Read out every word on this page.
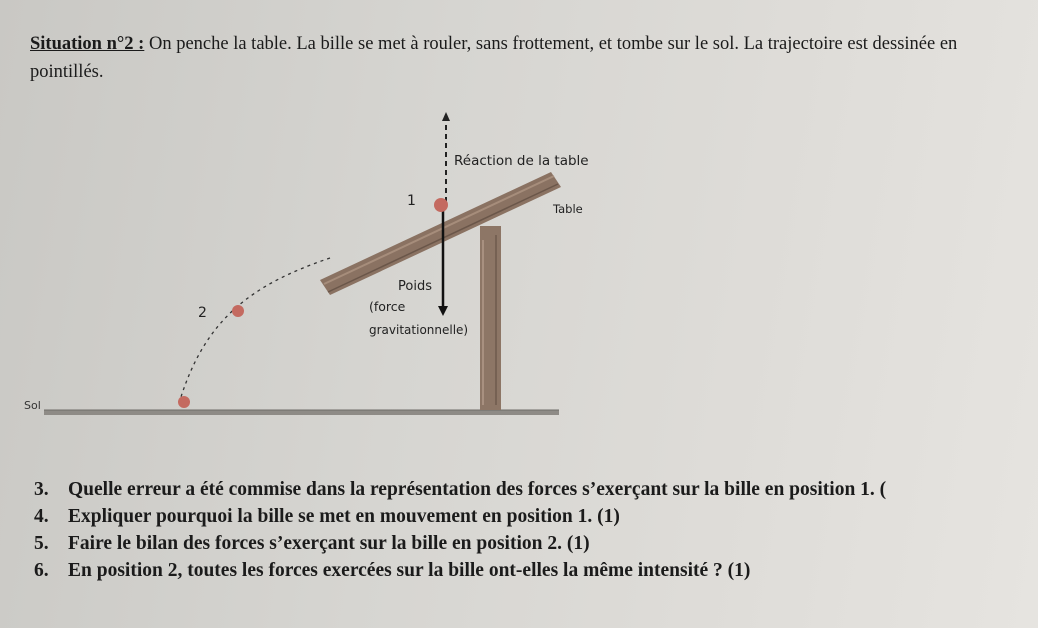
Situation n°2 : On penche la table. La bille se met à rouler, sans frottement, et tombe sur le sol. La trajectoire est dessinée en pointillés.
Sol
Réaction de la table
Table
1
2
Poids
(force
gravitationnelle)
3. Quelle erreur a été commise dans la représentation des forces s’exerçant sur la bille en position 1. (
4. Expliquer pourquoi la bille se met en mouvement en position 1. (1)
5. Faire le bilan des forces s’exerçant sur la bille en position 2. (1)
6. En position 2, toutes les forces exercées sur la bille ont-elles la même intensité ? (1)
